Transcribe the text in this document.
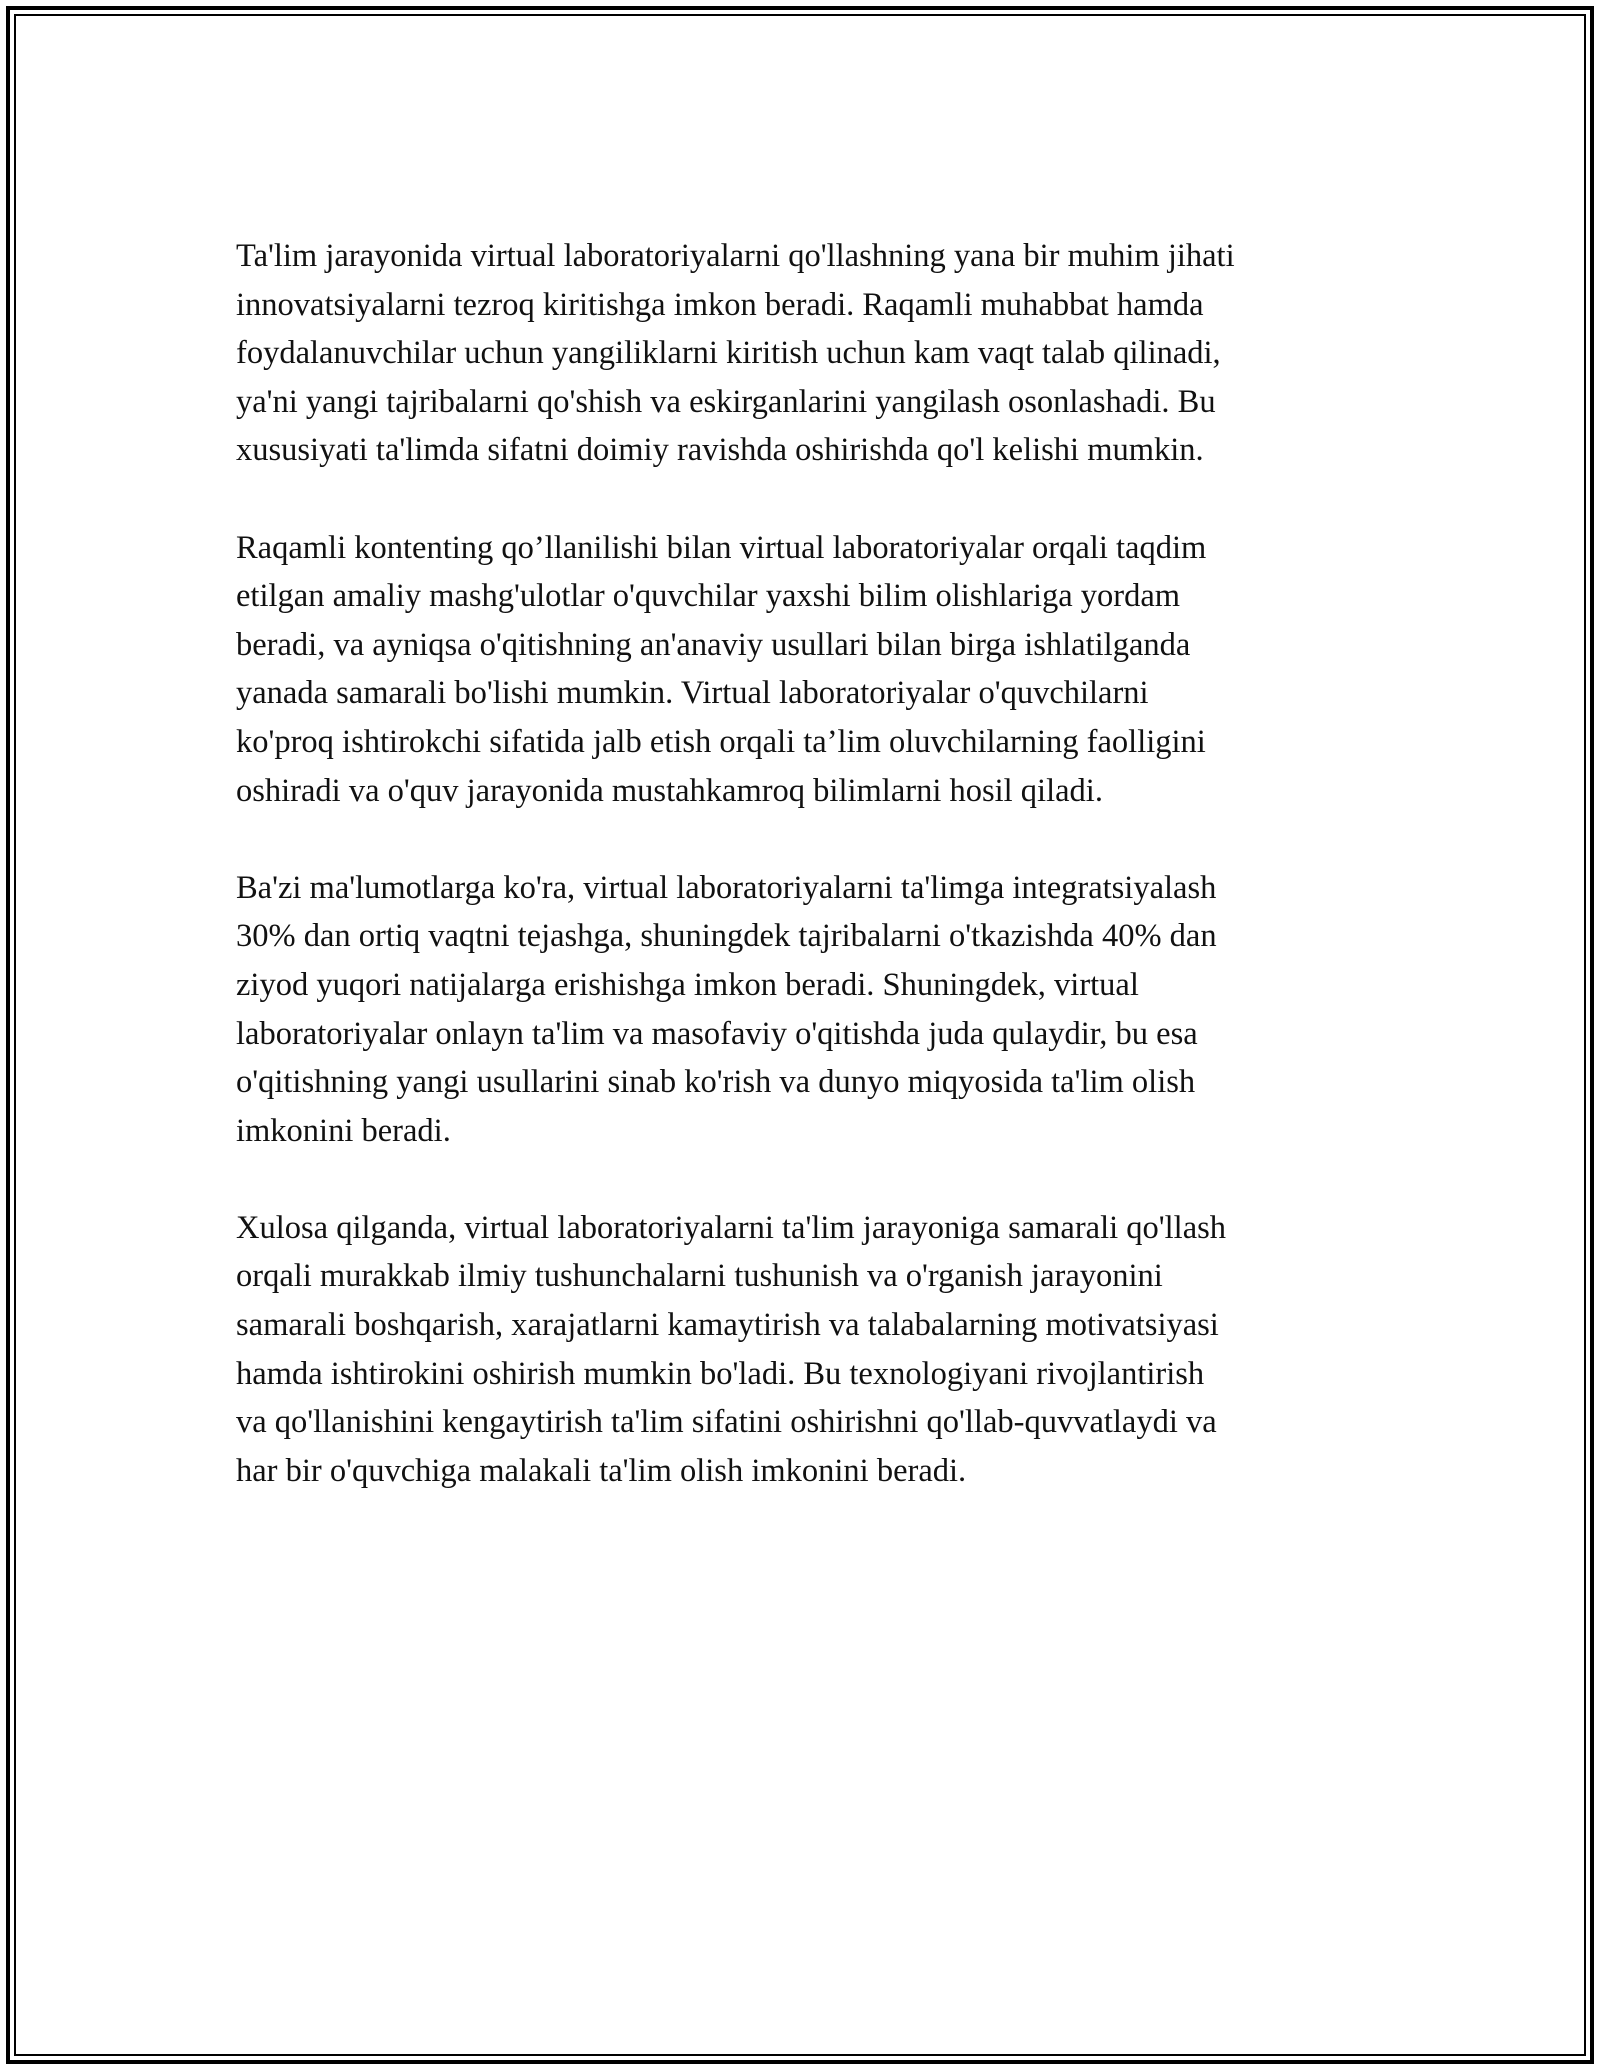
Ta'lim jarayonida virtual laboratoriyalarni qo'llashning yana bir muhim jihati
innovatsiyalarni tezroq kiritishga imkon beradi. Raqamli muhabbat hamda
foydalanuvchilar uchun yangiliklarni kiritish uchun kam vaqt talab qilinadi,
ya'ni yangi tajribalarni qo'shish va eskirganlarini yangilash osonlashadi. Bu
xususiyati ta'limda sifatni doimiy ravishda oshirishda qo'l kelishi mumkin.

Raqamli kontenting qo’llanilishi bilan virtual laboratoriyalar orqali taqdim
etilgan amaliy mashg'ulotlar o'quvchilar yaxshi bilim olishlariga yordam
beradi, va ayniqsa o'qitishning an'anaviy usullari bilan birga ishlatilganda
yanada samarali bo'lishi mumkin. Virtual laboratoriyalar o'quvchilarni
ko'proq ishtirokchi sifatida jalb etish orqali ta’lim oluvchilarning faolligini
oshiradi va o'quv jarayonida mustahkamroq bilimlarni hosil qiladi.

Ba'zi ma'lumotlarga ko'ra, virtual laboratoriyalarni ta'limga integratsiyalash
30% dan ortiq vaqtni tejashga, shuningdek tajribalarni o'tkazishda 40% dan
ziyod yuqori natijalarga erishishga imkon beradi. Shuningdek, virtual
laboratoriyalar onlayn ta'lim va masofaviy o'qitishda juda qulaydir, bu esa
o'qitishning yangi usullarini sinab ko'rish va dunyo miqyosida ta'lim olish
imkonini beradi.

Xulosa qilganda, virtual laboratoriyalarni ta'lim jarayoniga samarali qo'llash
orqali murakkab ilmiy tushunchalarni tushunish va o'rganish jarayonini
samarali boshqarish, xarajatlarni kamaytirish va talabalarning motivatsiyasi
hamda ishtirokini oshirish mumkin bo'ladi. Bu texnologiyani rivojlantirish
va qo'llanishini kengaytirish ta'lim sifatini oshirishni qo'llab-quvvatlaydi va
har bir o'quvchiga malakali ta'lim olish imkonini beradi.
